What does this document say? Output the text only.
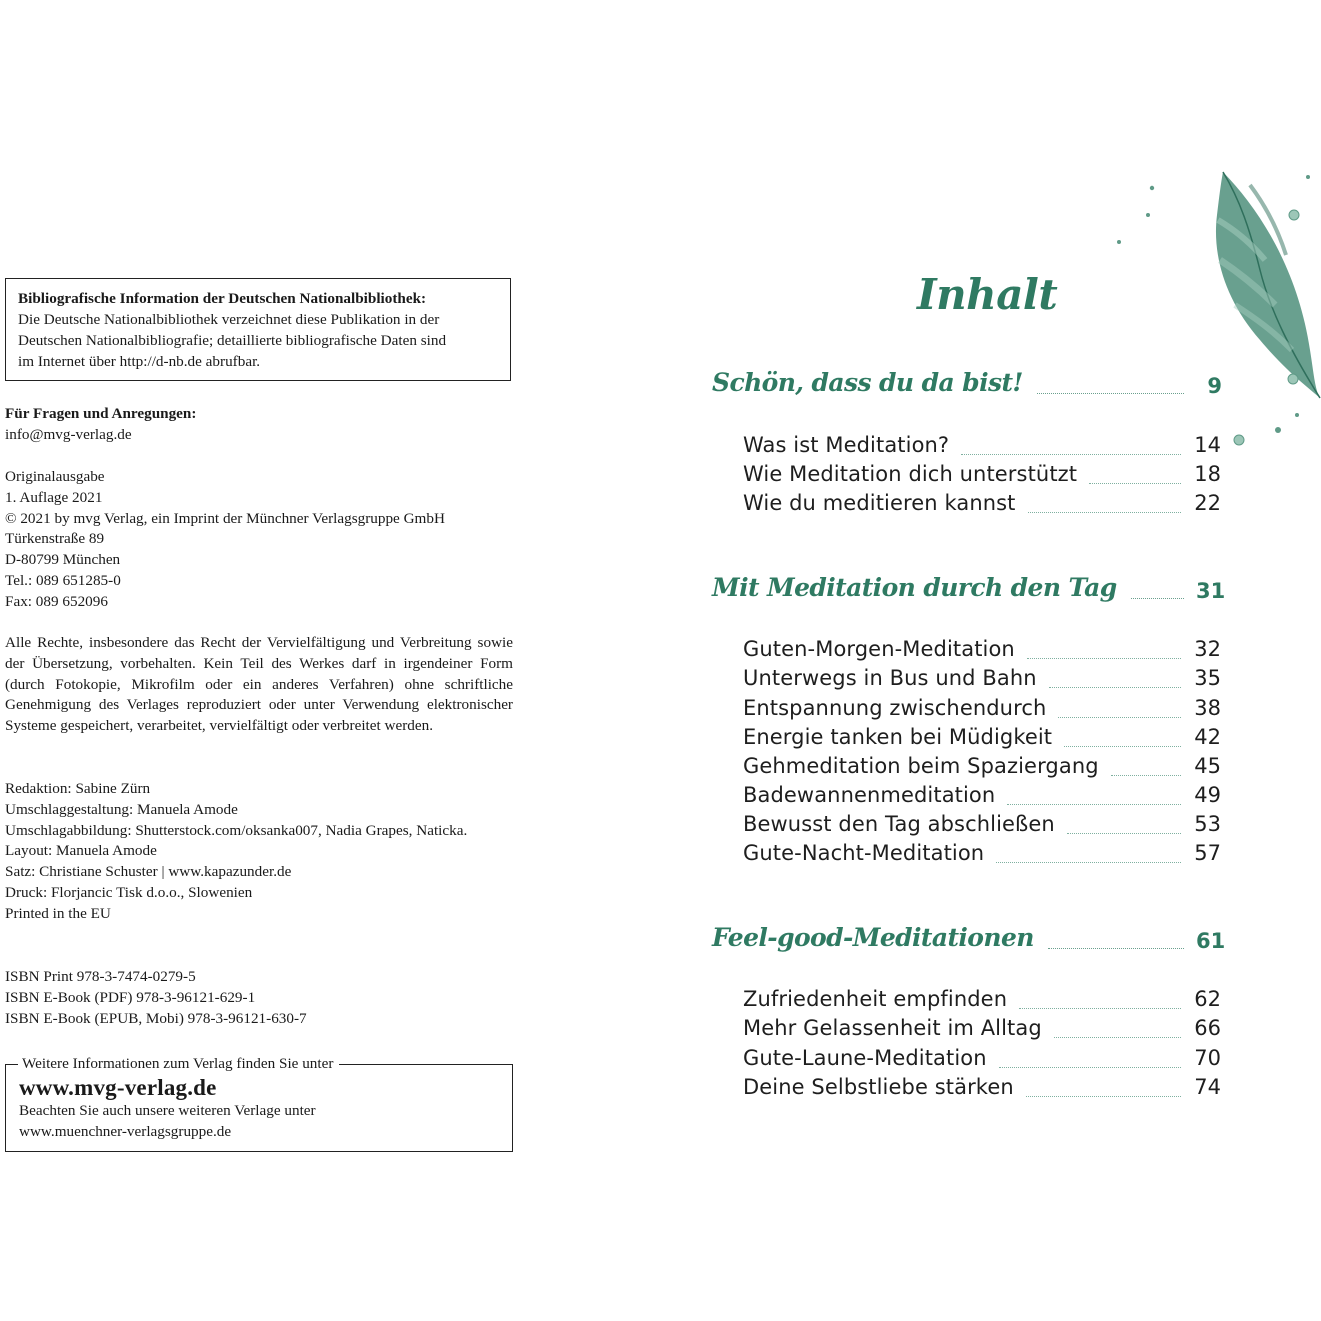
Bibliografische Information der Deutschen Nationalbibliothek:
Die Deutsche Nationalbibliothek verzeichnet diese Publikation in der
Deutschen Nationalbibliografie; detaillierte bibliografische Daten sind
im Internet über http://d-nb.de abrufbar.
Für Fragen und Anregungen:
info@mvg-verlag.de
Originalausgabe
1. Auflage 2021
© 2021 by mvg Verlag, ein Imprint der Münchner Verlagsgruppe GmbH
Türkenstraße 89
D-80799 München
Tel.: 089 651285-0
Fax: 089 652096
Alle Rechte, insbesondere das Recht der Vervielfältigung und Verbreitung sowie der Übersetzung, vorbehalten. Kein Teil des Werkes darf in irgendeiner Form (durch Fotokopie, Mikrofilm oder ein anderes Verfahren) ohne schriftliche Genehmigung des Verlages reproduziert oder unter Verwendung elektronischer Systeme gespeichert, verarbeitet, vervielfältigt oder verbreitet werden.
Redaktion: Sabine Zürn
Umschlaggestaltung: Manuela Amode
Umschlagabbildung: Shutterstock.com/oksanka007, Nadia Grapes, Naticka.
Layout: Manuela Amode
Satz: Christiane Schuster | www.kapazunder.de
Druck: Florjancic Tisk d.o.o., Slowenien
Printed in the EU
ISBN Print 978-3-7474-0279-5
ISBN E-Book (PDF) 978-3-96121-629-1
ISBN E-Book (EPUB, Mobi) 978-3-96121-630-7
Weitere Informationen zum Verlag finden Sie unter
www.mvg-verlag.de
Beachten Sie auch unsere weiteren Verlage unter
www.muenchner-verlagsgruppe.de
Inhalt
Schön, dass du da bist!	9
Was ist Meditation?	14
Wie Meditation dich unterstützt	18
Wie du meditieren kannst	22
Mit Meditation durch den Tag	31
Guten-Morgen-Meditation	32
Unterwegs in Bus und Bahn	35
Entspannung zwischendurch	38
Energie tanken bei Müdigkeit	42
Gehmeditation beim Spaziergang	45
Badewannenmeditation	49
Bewusst den Tag abschließen	53
Gute-Nacht-Meditation	57
Feel-good-Meditationen	61
Zufriedenheit empfinden	62
Mehr Gelassenheit im Alltag	66
Gute-Laune-Meditation	70
Deine Selbstliebe stärken	74
